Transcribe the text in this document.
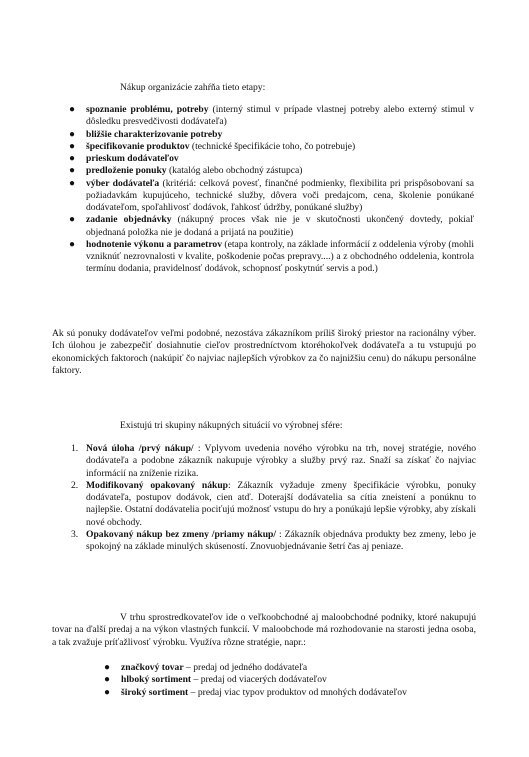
Nákup organizácie zahŕňa tieto etapy:

● spoznanie problému, potreby (interný stimul v prípade vlastnej potreby alebo externý stimul v dôsledku presvedčivosti dodávateľa)
● bližšie charakterizovanie potreby
● špecifikovanie produktov (technické špecifikácie toho, čo potrebuje)
● prieskum dodávateľov
● predloženie ponuky (katalóg alebo obchodný zástupca)
● výber dodávateľa (kritériá: celková povesť, finančné podmienky, flexibilita pri prispôsobovaní sa požiadavkám kupujúceho, technické služby, dôvera voči predajcom, cena, školenie ponúkané dodávateľom, spoľahlivosť dodávok, ľahkosť údržby, ponúkané služby)
● zadanie objednávky (nákupný proces však nie je v skutočnosti ukončený dovtedy, pokiaľ objednaná položka nie je dodaná a prijatá na použitie)
● hodnotenie výkonu a parametrov (etapa kontroly, na základe informácií z oddelenia výroby (mohli vzniknúť nezrovnalosti v kvalite, poškodenie počas prepravy....) a z obchodného oddelenia, kontrola termínu dodania, pravidelnosť dodávok, schopnosť poskytnúť servis a pod.)

Ak sú ponuky dodávateľov veľmi podobné, nezostáva zákazníkom príliš široký priestor na racionálny výber. Ich úlohou je zabezpečiť dosiahnutie cieľov prostredníctvom ktoréhokoľvek dodávateľa a tu vstupujú po ekonomických faktoroch (nakúpiť čo najviac najlepších výrobkov za čo najnižšiu cenu) do nákupu personálne faktory.

Existujú tri skupiny nákupných situácií vo výrobnej sfére:

1. Nová úloha /prvý nákup/ : Vplyvom uvedenia nového výrobku na trh, novej stratégie, nového dodávateľa a podobne zákazník nakupuje výrobky a služby prvý raz. Snaží sa získať čo najviac informácií na zníženie rizika.
2. Modifikovaný opakovaný nákup: Zákazník vyžaduje zmeny špecifikácie výrobku, ponuky dodávateľa, postupov dodávok, cien atď. Doterajší dodávatelia sa cítia zneistení a ponúknu to najlepšie. Ostatní dodávatelia pociťujú možnosť vstupu do hry a ponúkajú lepšie výrobky, aby získali nové obchody.
3. Opakovaný nákup bez zmeny /priamy nákup/ : Zákazník objednáva produkty bez zmeny, lebo je spokojný na základe minulých skúseností. Znovuobjednávanie šetrí čas aj peniaze.

V trhu sprostredkovateľov ide o veľkoobchodné aj maloobchodné podniky, ktoré nakupujú tovar na ďalší predaj a na výkon vlastných funkcií. V maloobchode má rozhodovanie na starosti jedna osoba, a tak zvažuje príťažlivosť výrobku. Využíva rôzne stratégie, napr.:

● značkový tovar – predaj od jedného dodávateľa
● hlboký sortiment – predaj od viacerých dodávateľov
● široký sortiment – predaj viac typov produktov od mnohých dodávateľov
